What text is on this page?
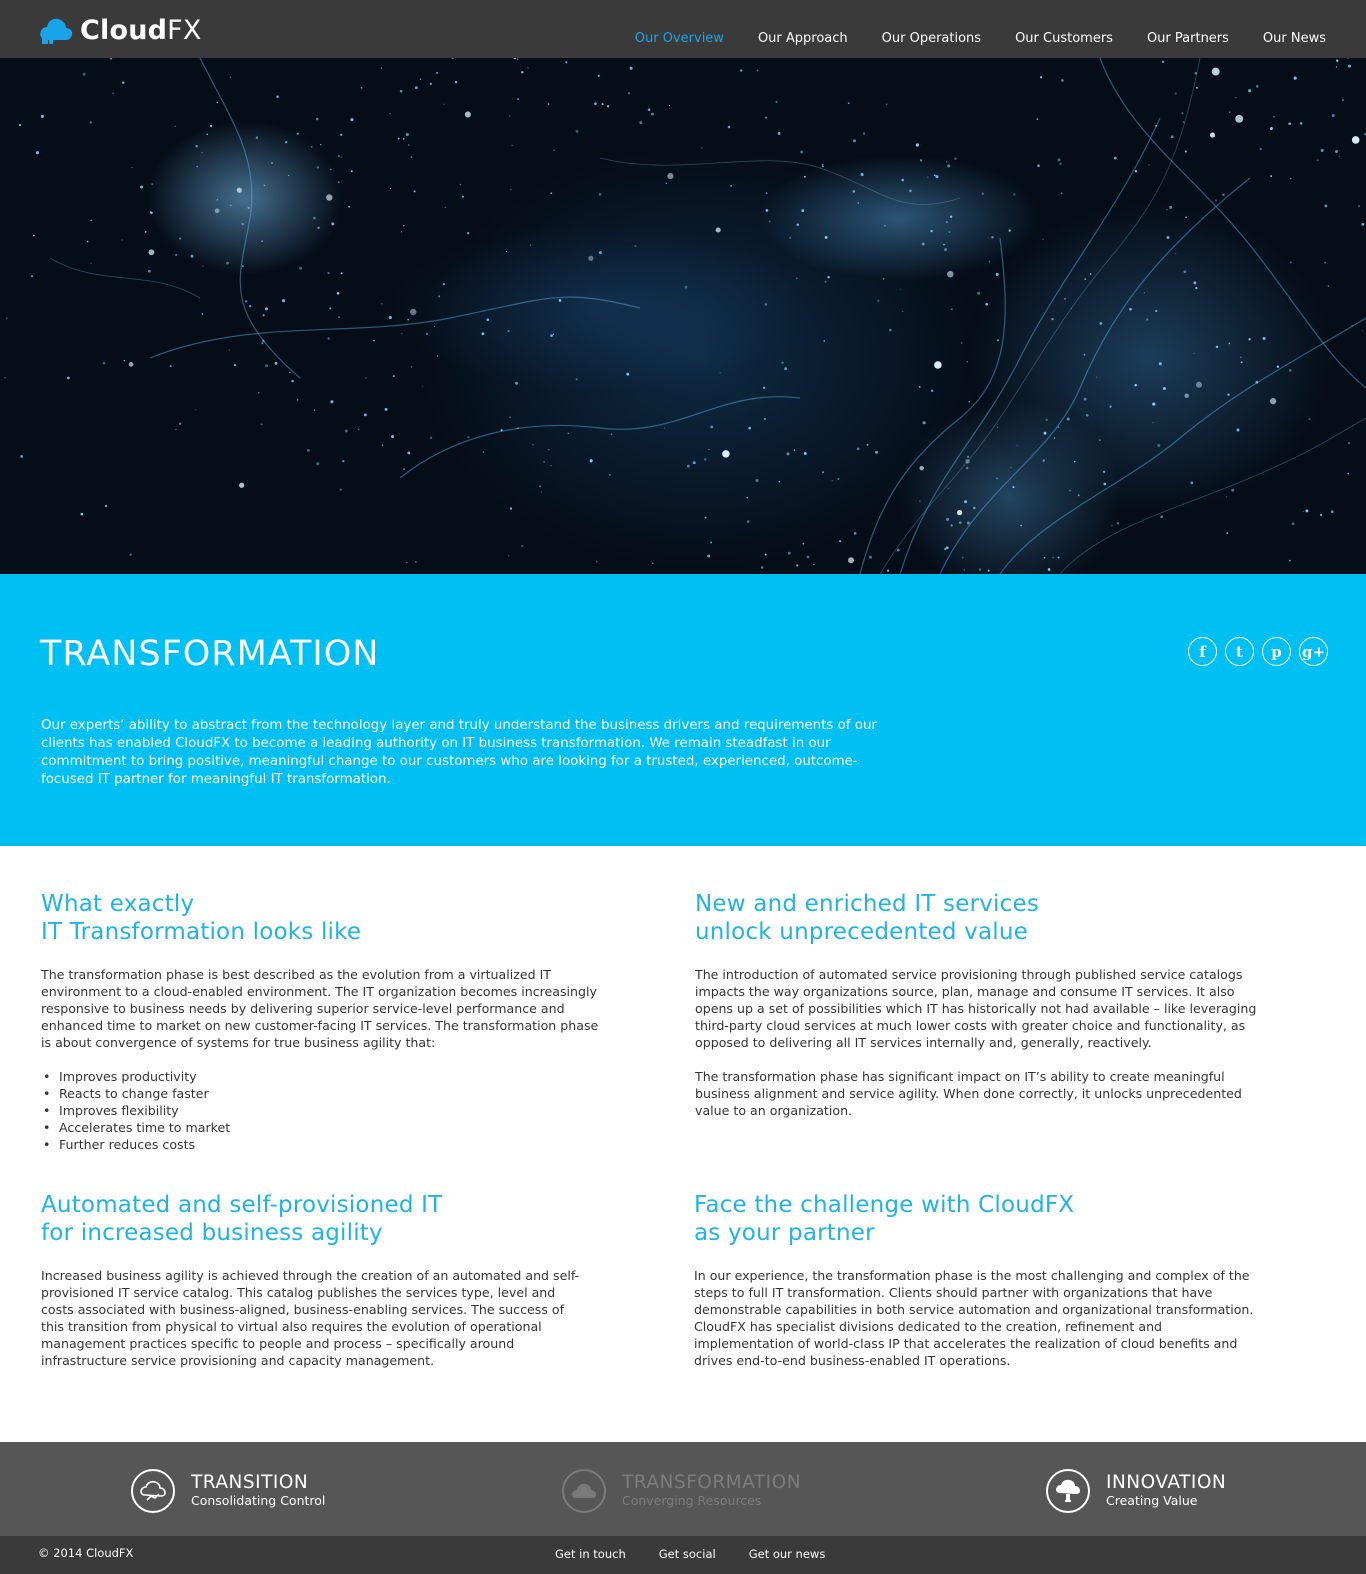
CloudFX	Our Overview	Our Approach	Our Operations	Our Customers	Our Partners	Our News
TRANSFORMATION	f	t	p	g+

Our experts’ ability to abstract from the technology layer and truly understand the business drivers and requirements of our clients has enabled CloudFX to become a leading authority on IT business transformation. We remain steadfast in our commitment to bring positive, meaningful change to our customers who are looking for a trusted, experienced, outcome-focused IT partner for meaningful IT transformation.

What exactly
IT Transformation looks like

The transformation phase is best described as the evolution from a virtualized IT environment to a cloud-enabled environment. The IT organization becomes increasingly responsive to business needs by delivering superior service-level performance and enhanced time to market on new customer-facing IT services. The transformation phase is about convergence of systems for true business agility that:

• Improves productivity
• Reacts to change faster
• Improves flexibility
• Accelerates time to market
• Further reduces costs
New and enriched IT services
unlock unprecedented value

The introduction of automated service provisioning through published service catalogs impacts the way organizations source, plan, manage and consume IT services. It also opens up a set of possibilities which IT has historically not had available – like leveraging third-party cloud services at much lower costs with greater choice and functionality, as opposed to delivering all IT services internally and, generally, reactively.

The transformation phase has significant impact on IT’s ability to create meaningful business alignment and service agility. When done correctly, it unlocks unprecedented value to an organization.

Automated and self-provisioned IT
for increased business agility

Increased business agility is achieved through the creation of an automated and self-provisioned IT service catalog. This catalog publishes the services type, level and costs associated with business-aligned, business-enabling services. The success of this transition from physical to virtual also requires the evolution of operational management practices specific to people and process – specifically around infrastructure service provisioning and capacity management.

Face the challenge with CloudFX
as your partner

In our experience, the transformation phase is the most challenging and complex of the steps to full IT transformation. Clients should partner with organizations that have demonstrable capabilities in both service automation and organizational transformation. CloudFX has specialist divisions dedicated to the creation, refinement and implementation of world-class IP that accelerates the realization of cloud benefits and drives end-to-end business-enabled IT operations.

TRANSITION
Consolidating Control
TRANSFORMATION
Converging Resources
INNOVATION
Creating Value
© 2014 CloudFX	Get in touch	Get social	Get our news
